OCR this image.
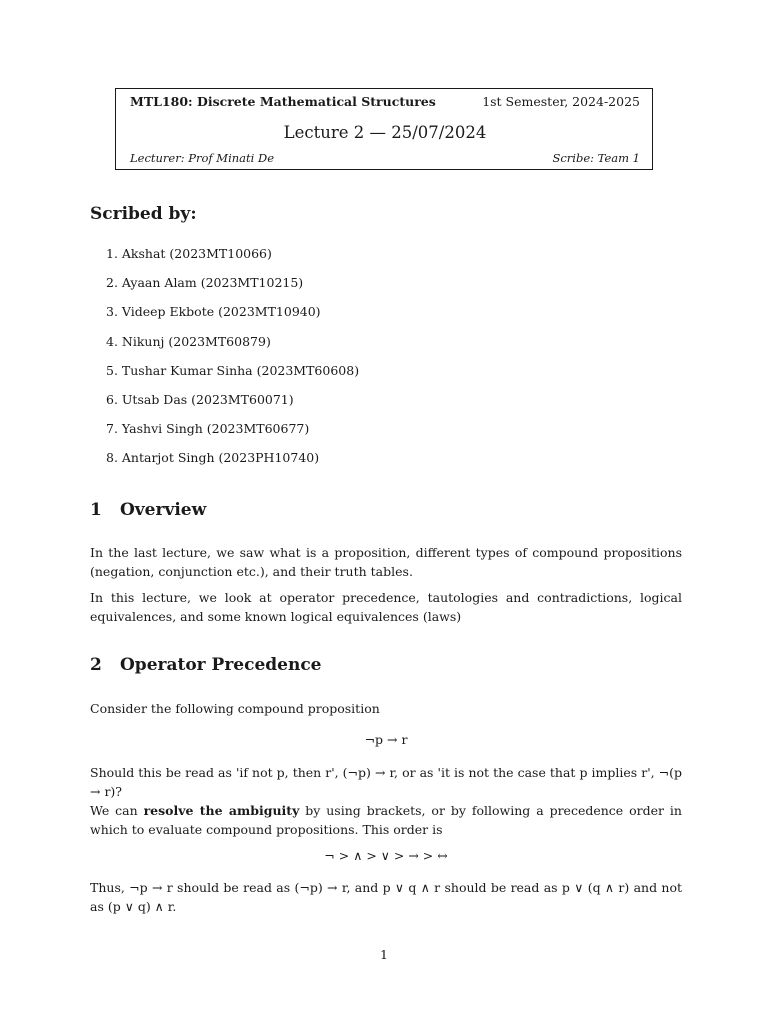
MTL180: Discrete Mathematical Structures	1st Semester, 2024-2025
Lecture 2 — 25/07/2024
Lecturer: Prof Minati De	Scribe: Team 1
Scribed by:
1. Akshat (2023MT10066)
2. Ayaan Alam (2023MT10215)
3. Videep Ekbote (2023MT10940)
4. Nikunj (2023MT60879)
5. Tushar Kumar Sinha (2023MT60608)
6. Utsab Das (2023MT60071)
7. Yashvi Singh (2023MT60677)
8. Antarjot Singh (2023PH10740)
1 Overview

In the last lecture, we saw what is a proposition, different types of compound propositions (negation, conjunction etc.), and their truth tables.

In this lecture, we look at operator precedence, tautologies and contradictions, logical equivalences, and some known logical equivalences (laws)

2 Operator Precedence

Consider the following compound proposition

¬p → r

Should this be read as 'if not p, then r', (¬p) → r, or as 'it is not the case that p implies r', ¬(p → r)?
We can resolve the ambiguity by using brackets, or by following a precedence order in which to evaluate compound propositions. This order is

¬ > ∧ > ∨ > → > ↔

Thus, ¬p → r should be read as (¬p) → r, and p ∨ q ∧ r should be read as p ∨ (q ∧ r) and not as (p ∨ q) ∧ r.

1
